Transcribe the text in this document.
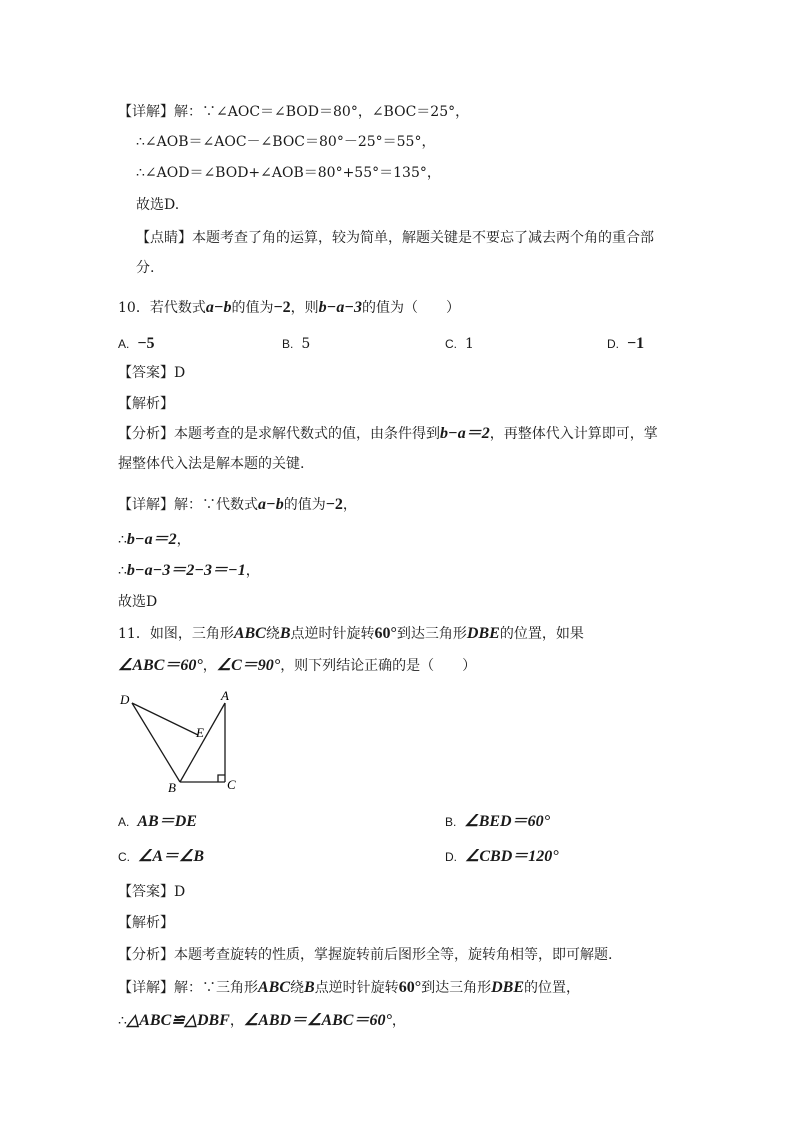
【详解】解：∵∠AOC＝∠BOD＝80°，∠BOC＝25°，
∴∠AOB＝∠AOC－∠BOC＝80°－25°＝55°，
∴∠AOD＝∠BOD+∠AOB＝80°+55°＝135°，
故选D.
【点睛】本题考查了角的运算，较为简单，解题关键是不要忘了减去两个角的重合部
分.
10．若代数式a−b的值为−2，则b−a−3的值为（　　）
A. −5	B. 5	C. 1	D. −1
【答案】D
【解析】
【分析】本题考查的是求解代数式的值，由条件得到b−a＝2，再整体代入计算即可，掌
握整体代入法是解本题的关键.
【详解】解：∵代数式a−b的值为−2，
∴b−a＝2，
∴b−a−3＝2−3＝−1，
故选D
11．如图，三角形ABC绕B点逆时针旋转60°到达三角形DBE的位置，如果
∠ABC＝60°，∠C＝90°，则下列结论正确的是（　　）
D	A
E
B	C
A. AB＝DE	B. ∠BED＝60°
C. ∠A＝∠B	D. ∠CBD＝120°
【答案】D
【解析】
【分析】本题考查旋转的性质，掌握旋转前后图形全等，旋转角相等，即可解题.
【详解】解：∵三角形ABC绕B点逆时针旋转60°到达三角形DBE的位置，
∴△ABC≌△DBF，∠ABD＝∠ABC＝60°，
